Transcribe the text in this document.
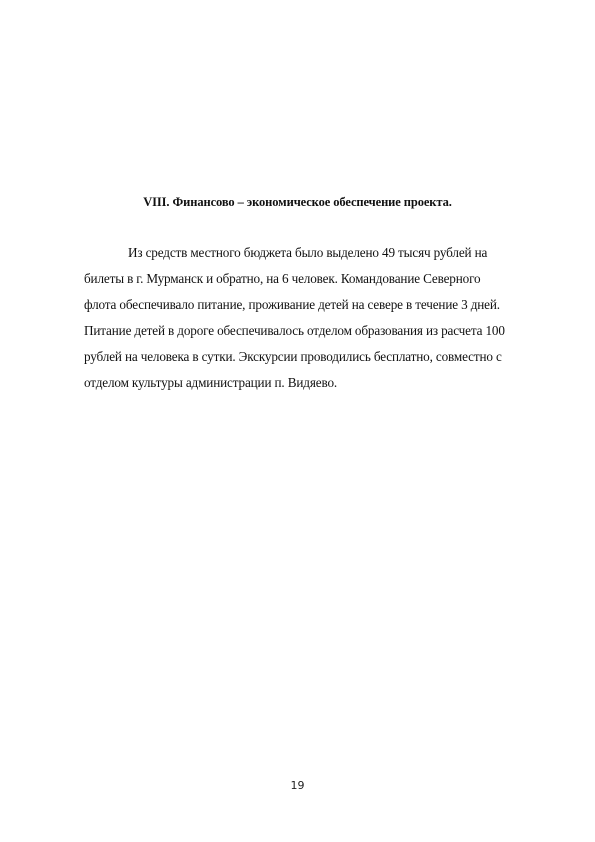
VIII. Финансово – экономическое обеспечение проекта.
Из средств местного бюджета было выделено 49 тысяч рублей на
билеты в г. Мурманск и обратно, на 6 человек. Командование Северного
флота обеспечивало питание, проживание детей на севере в течение 3 дней.
Питание детей в дороге обеспечивалось отделом образования из расчета 100
рублей на человека в сутки. Экскурсии проводились бесплатно, совместно с
отделом культуры администрации п. Видяево.
19
